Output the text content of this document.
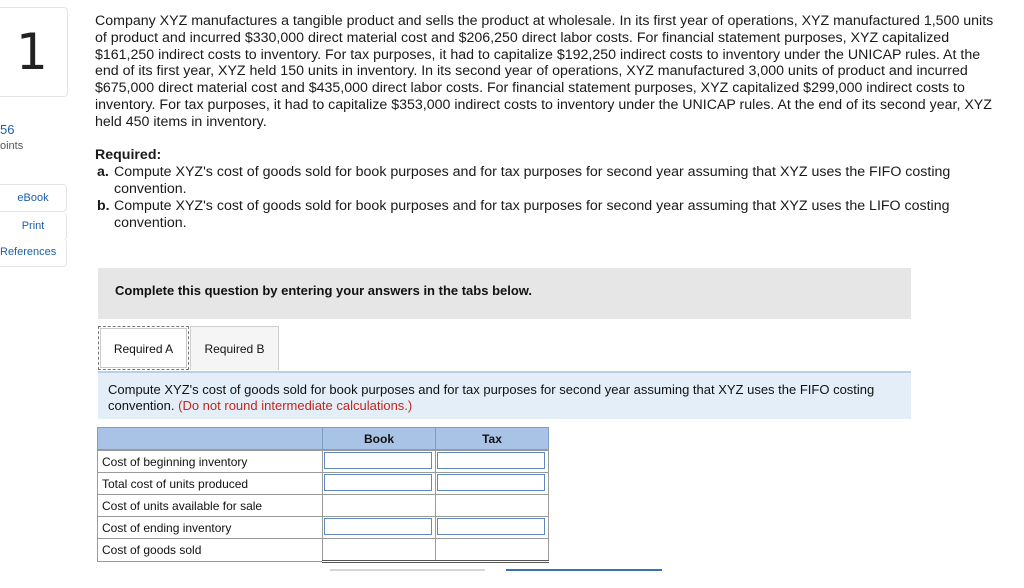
1
56
oints
eBook
Print
References

Company XYZ manufactures a tangible product and sells the product at wholesale. In its first year of operations, XYZ manufactured 1,500 units of product and incurred $330,000 direct material cost and $206,250 direct labor costs. For financial statement purposes, XYZ capitalized $161,250 indirect costs to inventory. For tax purposes, it had to capitalize $192,250 indirect costs to inventory under the UNICAP rules. At the end of its first year, XYZ held 150 units in inventory. In its second year of operations, XYZ manufactured 3,000 units of product and incurred $675,000 direct material cost and $435,000 direct labor costs. For financial statement purposes, XYZ capitalized $299,000 indirect costs to inventory. For tax purposes, it had to capitalize $353,000 indirect costs to inventory under the UNICAP rules. At the end of its second year, XYZ held 450 items in inventory.

Required:

a. Compute XYZ's cost of goods sold for book purposes and for tax purposes for second year assuming that XYZ uses the FIFO costing convention.
b. Compute XYZ's cost of goods sold for book purposes and for tax purposes for second year assuming that XYZ uses the LIFO costing convention.
Complete this question by entering your answers in the tabs below.
Required A	Required B
Compute XYZ's cost of goods sold for book purposes and for tax purposes for second year assuming that XYZ uses the FIFO costing convention. (Do not round intermediate calculations.)
	Book	Tax

Cost of beginning inventory	

Total cost of units produced	

Cost of units available for sale		
Cost of ending inventory	

Cost of goods sold		
